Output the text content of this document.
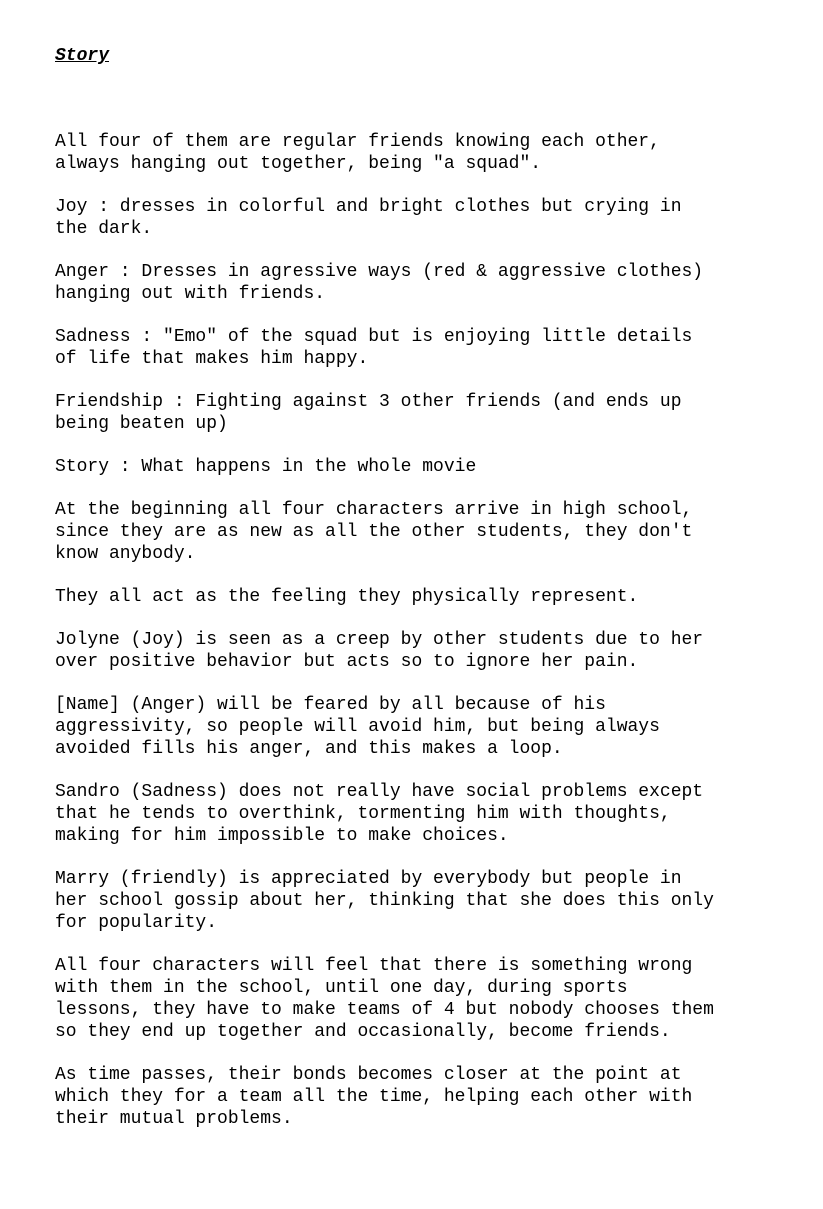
Story

All four of them are regular friends knowing each other,
always hanging out together, being "a squad".

Joy : dresses in colorful and bright clothes but crying in
the dark.

Anger : Dresses in agressive ways (red & aggressive clothes)
hanging out with friends.

Sadness : "Emo" of the squad but is enjoying little details
of life that makes him happy.

Friendship : Fighting against 3 other friends (and ends up
being beaten up)

Story : What happens in the whole movie

At the beginning all four characters arrive in high school,
since they are as new as all the other students, they don't
know anybody.

They all act as the feeling they physically represent.

Jolyne (Joy) is seen as a creep by other students due to her
over positive behavior but acts so to ignore her pain.

[Name] (Anger) will be feared by all because of his
aggressivity, so people will avoid him, but being always
avoided fills his anger, and this makes a loop.

Sandro (Sadness) does not really have social problems except
that he tends to overthink, tormenting him with thoughts,
making for him impossible to make choices.

Marry (friendly) is appreciated by everybody but people in
her school gossip about her, thinking that she does this only
for popularity.

All four characters will feel that there is something wrong
with them in the school, until one day, during sports
lessons, they have to make teams of 4 but nobody chooses them
so they end up together and occasionally, become friends.

As time passes, their bonds becomes closer at the point at
which they for a team all the time, helping each other with
their mutual problems.
